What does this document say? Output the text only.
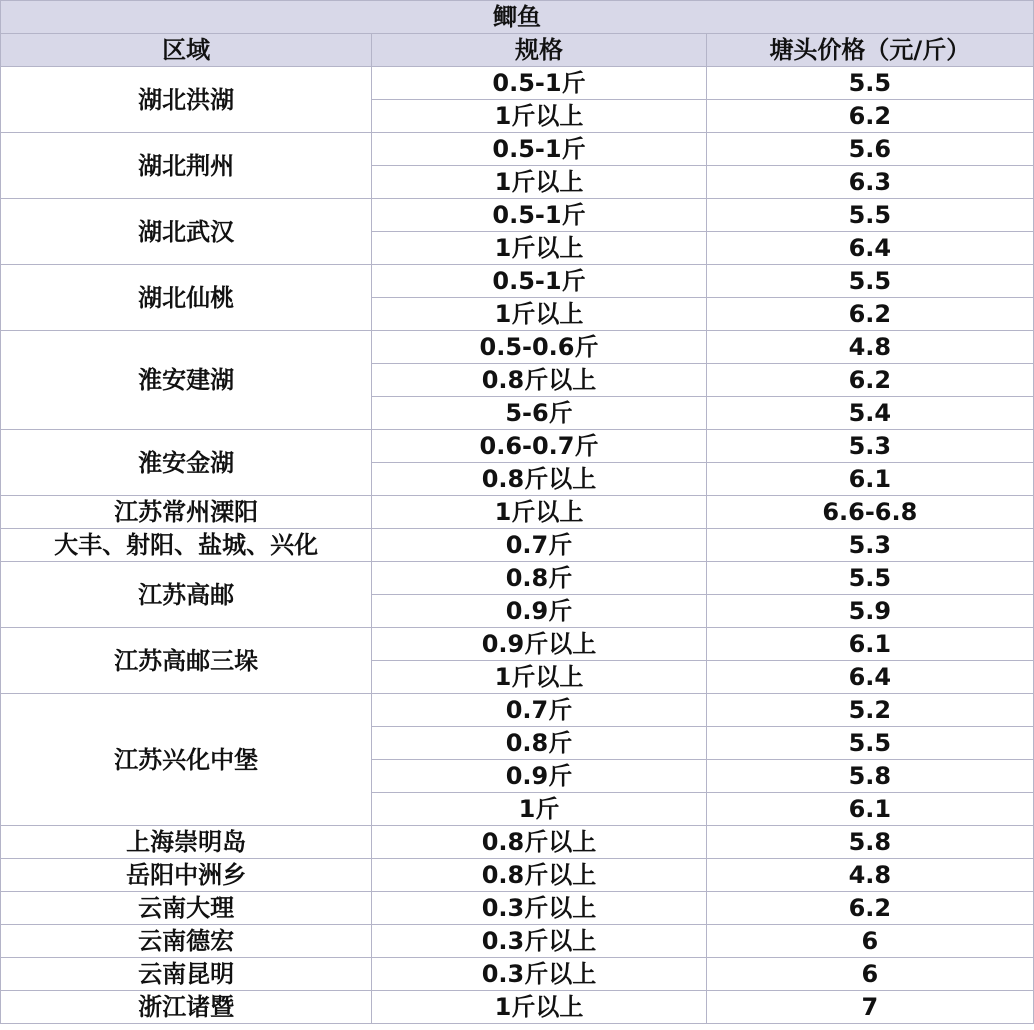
鲫鱼		
区域	规格	塘头价格（元/斤）
湖北洪湖	0.5-1斤	5.5
	1斤以上	6.2
湖北荆州	0.5-1斤	5.6
	1斤以上	6.3
湖北武汉	0.5-1斤	5.5
	1斤以上	6.4
湖北仙桃	0.5-1斤	5.5
	1斤以上	6.2
淮安建湖	0.5-0.6斤	4.8
	0.8斤以上	6.2
	5-6斤	5.4
淮安金湖	0.6-0.7斤	5.3
	0.8斤以上	6.1
江苏常州溧阳	1斤以上	6.6-6.8
大丰、射阳、盐城、兴化	0.7斤	5.3
江苏高邮	0.8斤	5.5
	0.9斤	5.9
江苏高邮三垛	0.9斤以上	6.1
	1斤以上	6.4
江苏兴化中堡	0.7斤	5.2
	0.8斤	5.5
	0.9斤	5.8
	1斤	6.1
上海崇明岛	0.8斤以上	5.8
岳阳中洲乡	0.8斤以上	4.8
云南大理	0.3斤以上	6.2
云南德宏	0.3斤以上	6
云南昆明	0.3斤以上	6
浙江诸暨	1斤以上	7
